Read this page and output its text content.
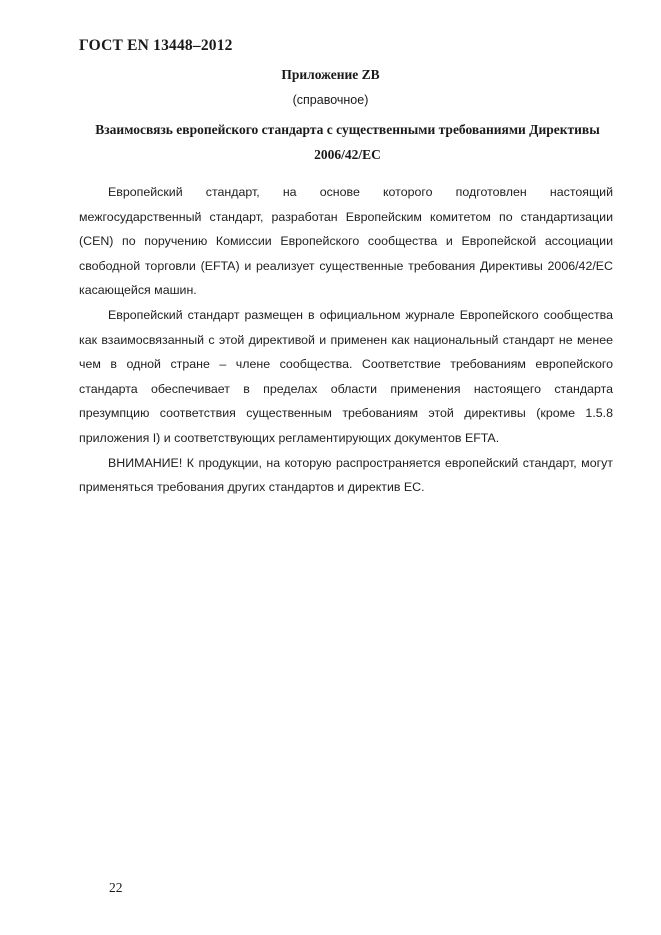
ГОСТ EN 13448–2012
Приложение ZB
(справочное)
Взаимосвязь европейского стандарта с существенными требованиями Директивы 2006/42/ЕС

Европейский стандарт, на основе которого подготовлен настоящий межгосударственный стандарт, разработан Европейским комитетом по стандартизации (CEN) по поручению Комиссии Европейского сообщества и Европейской ассоциации свободной торговли (EFTA) и реализует существенные требования Директивы 2006/42/EC касающейся машин.

Европейский стандарт размещен в официальном журнале Европейского сообщества как взаимосвязанный с этой директивой и применен как национальный стандарт не менее чем в одной стране – члене сообщества. Соответствие требованиям европейского стандарта обеспечивает в пределах области применения настоящего стандарта презумпцию соответствия существенным требованиям этой директивы (кроме 1.5.8 приложения I) и соответствующих регламентирующих документов EFTA.

ВНИМАНИЕ! К продукции, на которую распространяется европейский стандарт, могут применяться требования других стандартов и директив ЕС.

22
